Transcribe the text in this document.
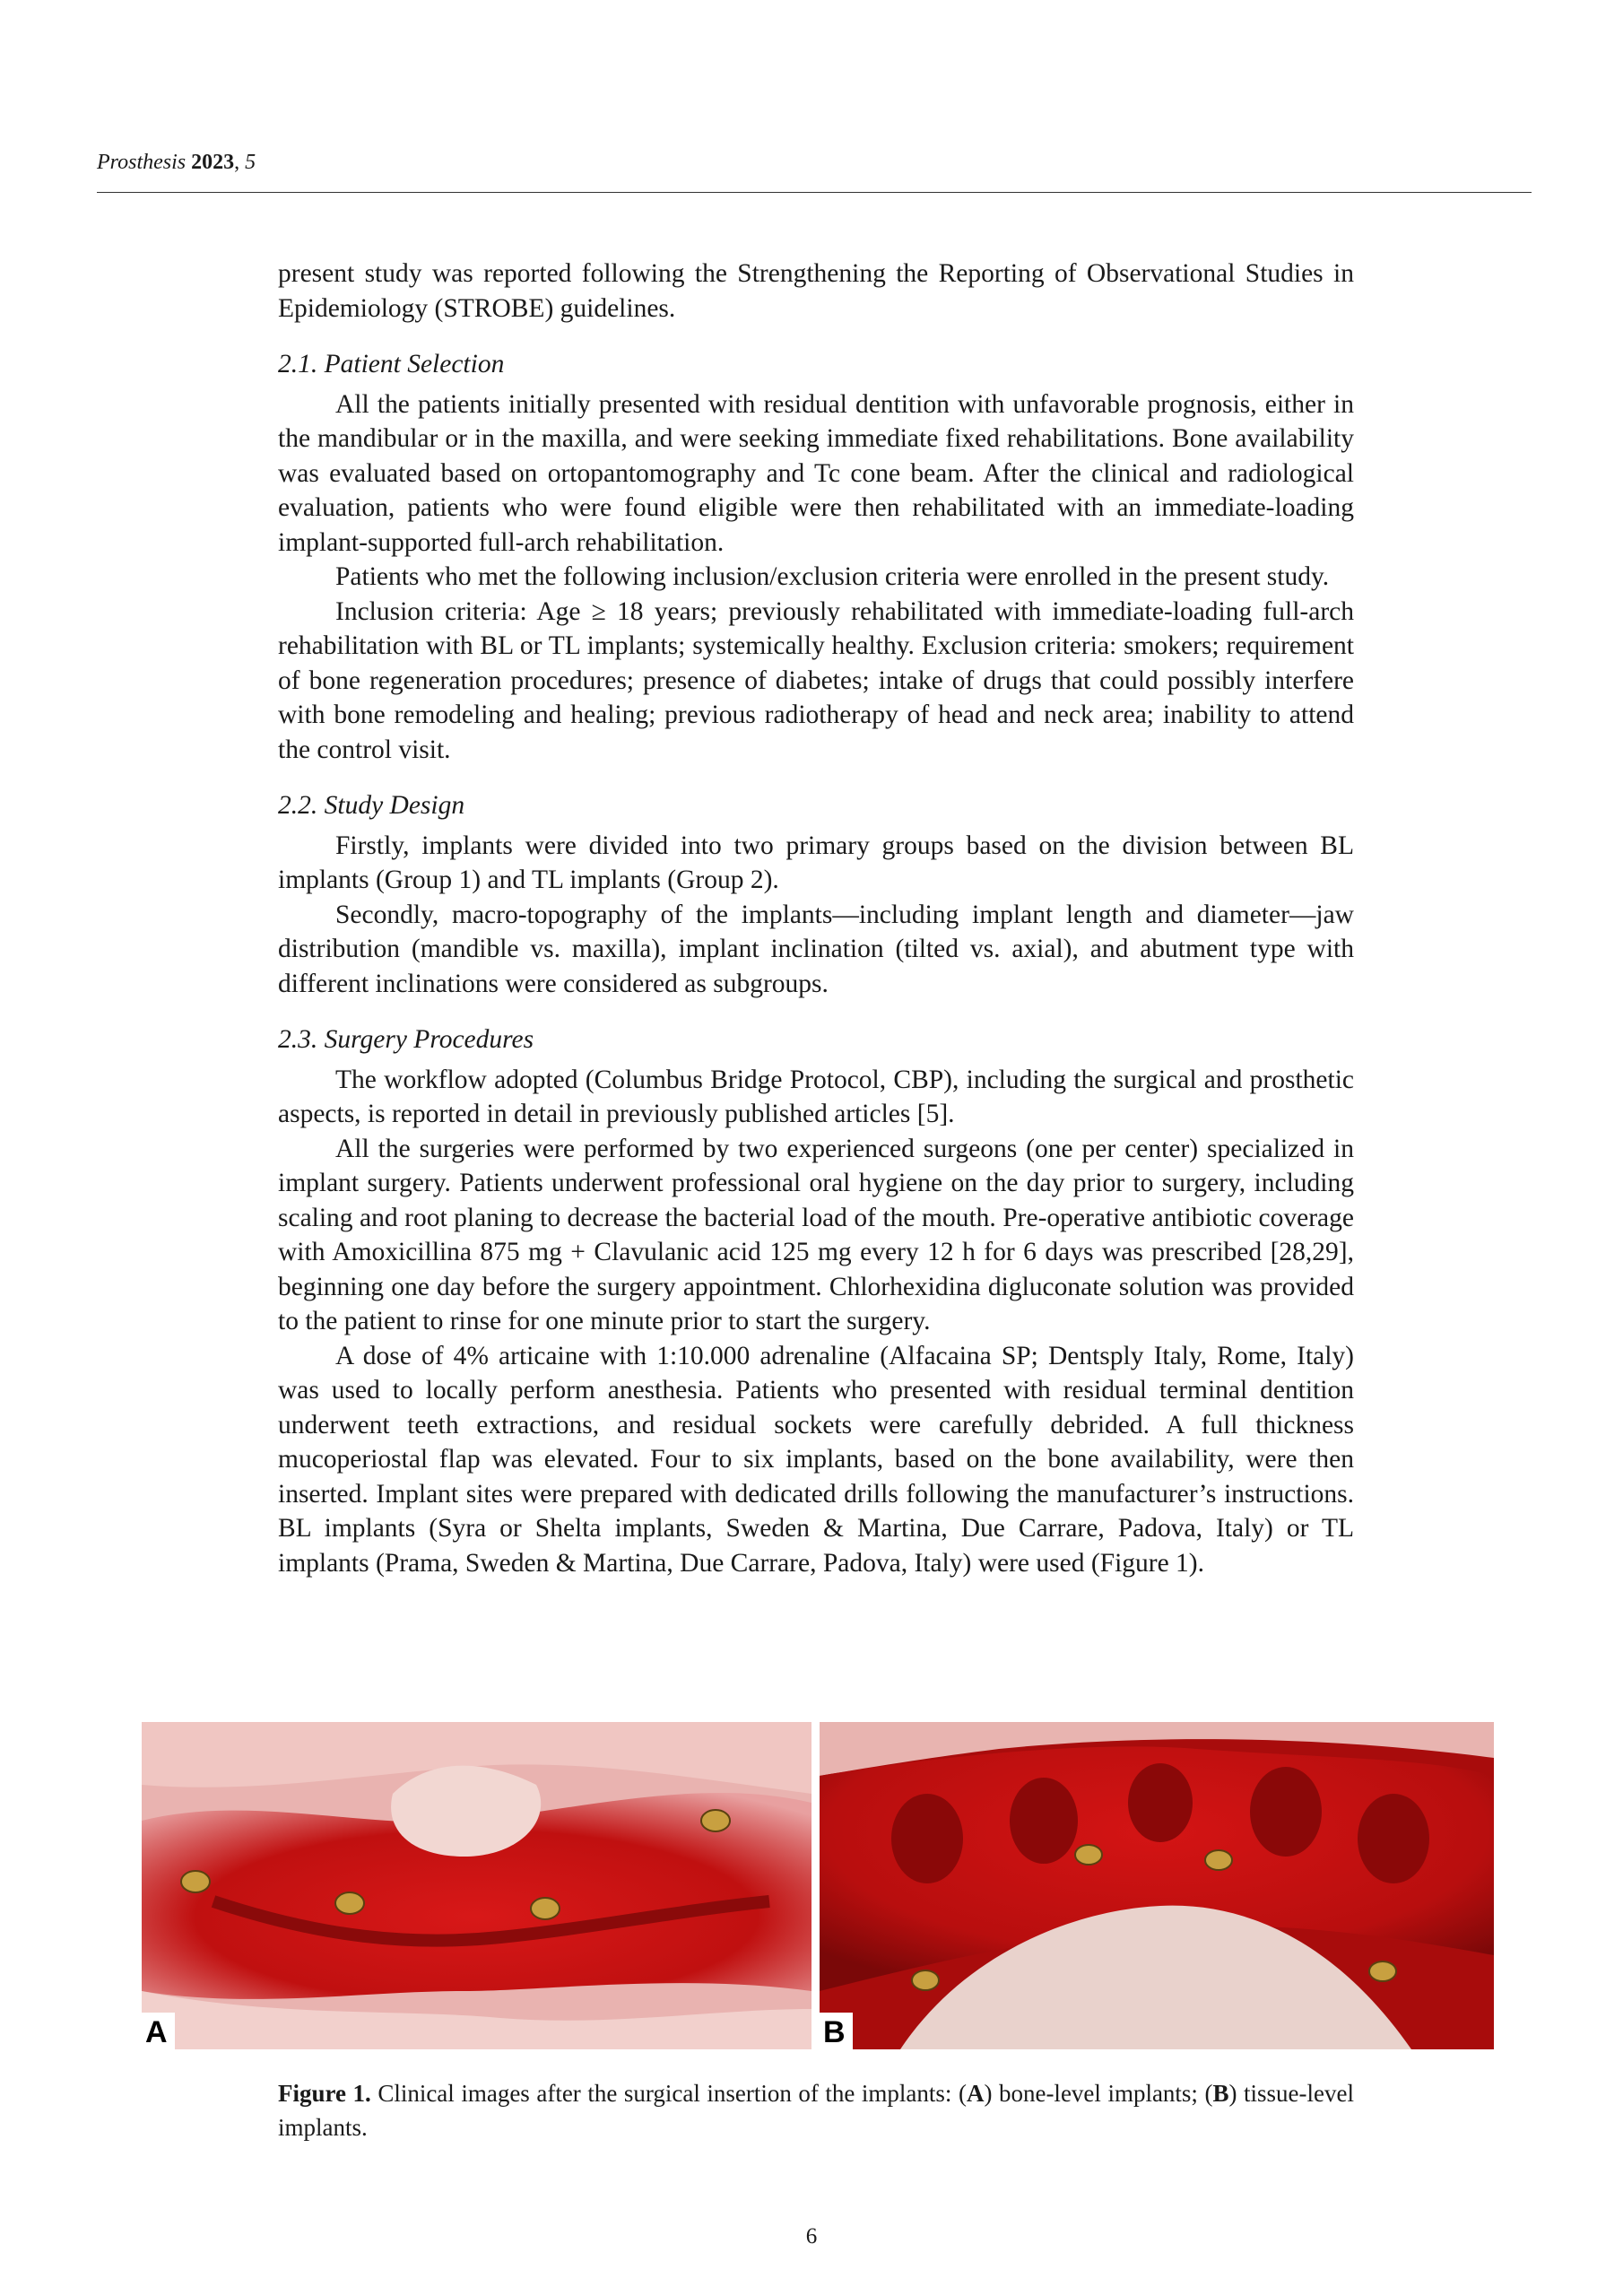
Prosthesis 2023, 5

present study was reported following the Strengthening the Reporting of Observational Studies in Epidemiology (STROBE) guidelines.

2.1. Patient Selection

All the patients initially presented with residual dentition with unfavorable prognosis, either in the mandibular or in the maxilla, and were seeking immediate fixed rehabilitations. Bone availability was evaluated based on ortopantomography and Tc cone beam. After the clinical and radiological evaluation, patients who were found eligible were then rehabilitated with an immediate-loading implant-supported full-arch rehabilitation.

Patients who met the following inclusion/exclusion criteria were enrolled in the present study.

Inclusion criteria: Age ≥ 18 years; previously rehabilitated with immediate-loading full-arch rehabilitation with BL or TL implants; systemically healthy. Exclusion criteria: smokers; requirement of bone regeneration procedures; presence of diabetes; intake of drugs that could possibly interfere with bone remodeling and healing; previous radiotherapy of head and neck area; inability to attend the control visit.

2.2. Study Design

Firstly, implants were divided into two primary groups based on the division between BL implants (Group 1) and TL implants (Group 2).

Secondly, macro-topography of the implants—including implant length and diameter—jaw distribution (mandible vs. maxilla), implant inclination (tilted vs. axial), and abutment type with different inclinations were considered as subgroups.

2.3. Surgery Procedures

The workflow adopted (Columbus Bridge Protocol, CBP), including the surgical and prosthetic aspects, is reported in detail in previously published articles [5].

All the surgeries were performed by two experienced surgeons (one per center) specialized in implant surgery. Patients underwent professional oral hygiene on the day prior to surgery, including scaling and root planing to decrease the bacterial load of the mouth. Pre-operative antibiotic coverage with Amoxicillina 875 mg + Clavulanic acid 125 mg every 12 h for 6 days was prescribed [28,29], beginning one day before the surgery appointment. Chlorhexidina digluconate solution was provided to the patient to rinse for one minute prior to start the surgery.

A dose of 4% articaine with 1:10.000 adrenaline (Alfacaina SP; Dentsply Italy, Rome, Italy) was used to locally perform anesthesia. Patients who presented with residual terminal dentition underwent teeth extractions, and residual sockets were carefully debrided. A full thickness mucoperiostal flap was elevated. Four to six implants, based on the bone availability, were then inserted. Implant sites were prepared with dedicated drills following the manufacturer’s instructions. BL implants (Syra or Shelta implants, Sweden & Martina, Due Carrare, Padova, Italy) or TL implants (Prama, Sweden & Martina, Due Carrare, Padova, Italy) were used (Figure 1).

A	B
Figure 1. Clinical images after the surgical insertion of the implants: (A) bone-level implants; (B) tissue-level implants.
6
